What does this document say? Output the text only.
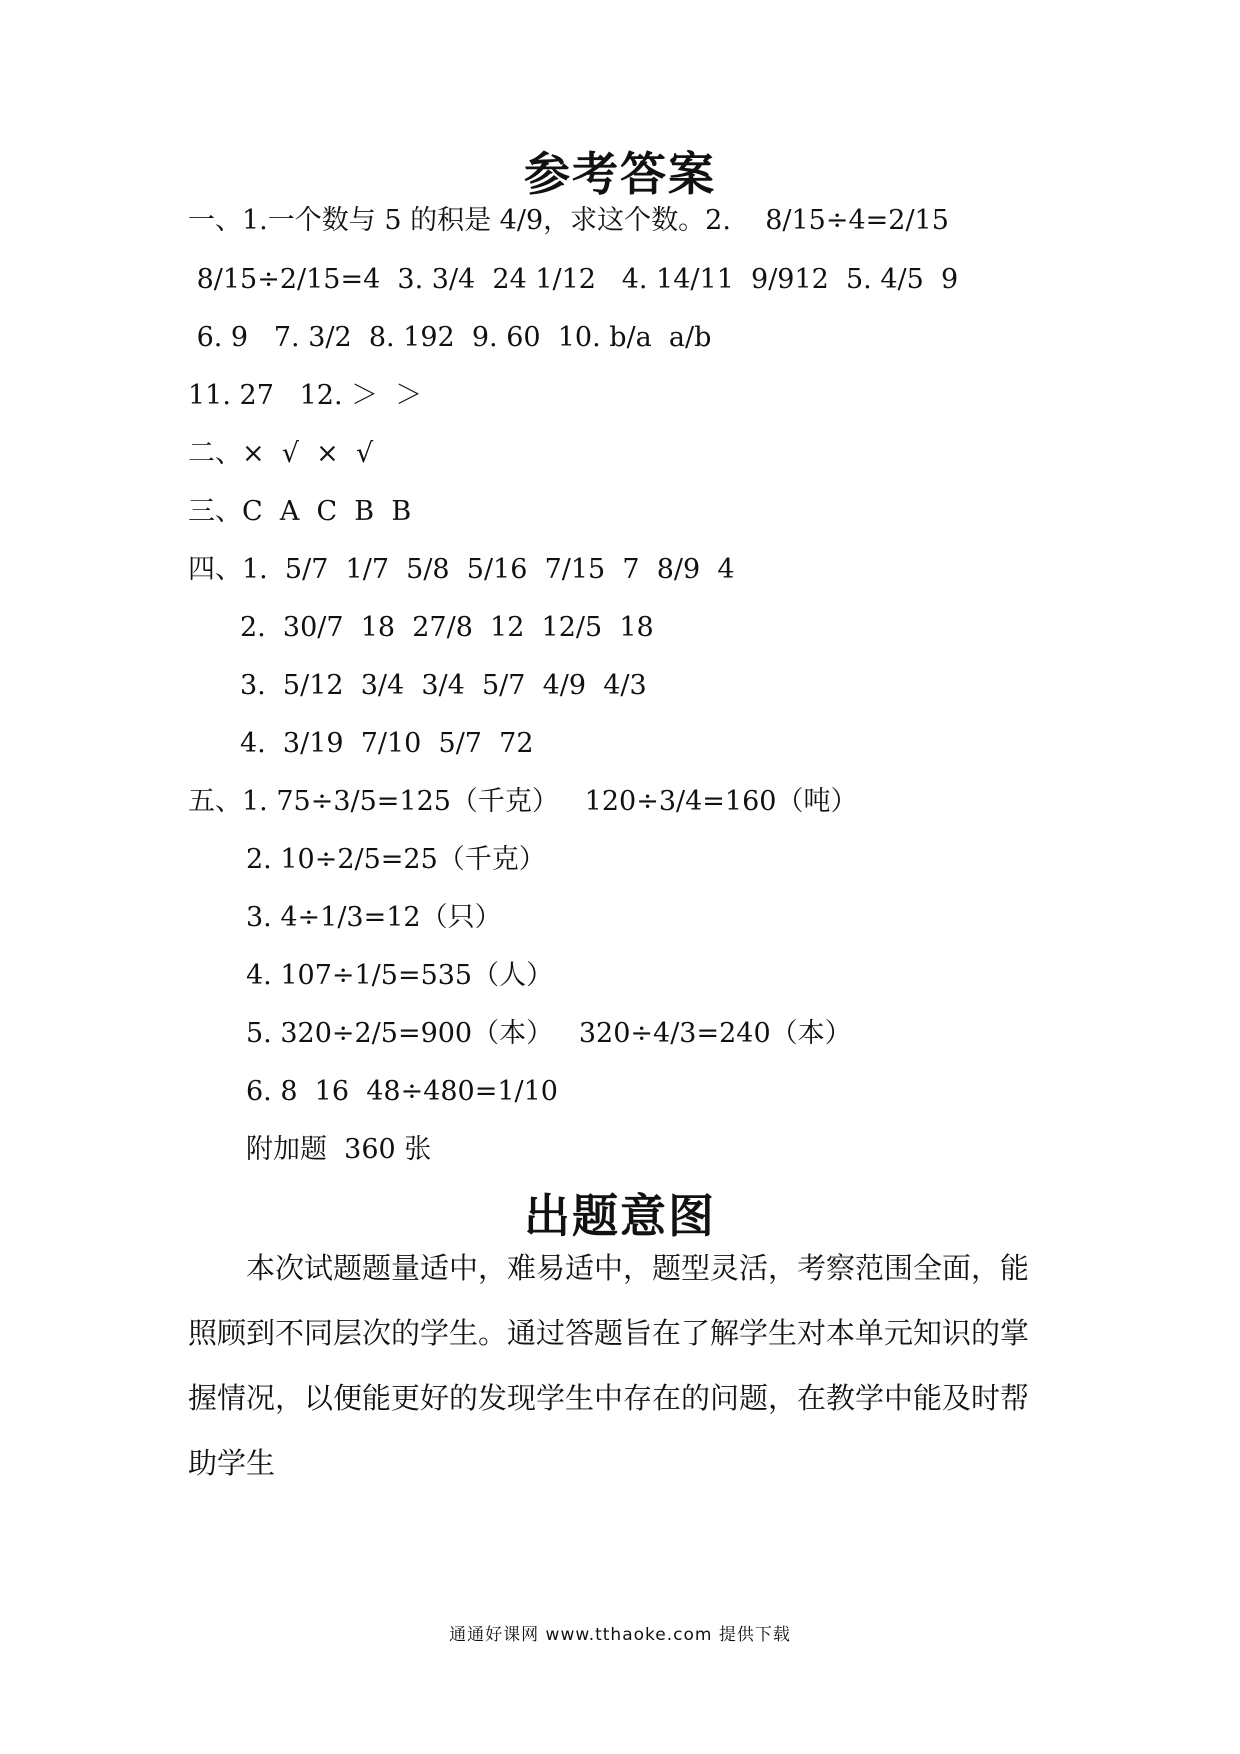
参考答案
一、1.一个数与 5 的积是 4/9，求这个数。2.    8/15÷4=2/15
8/15÷2/15=4  3. 3/4  24 1/12   4. 14/11  9/912  5. 4/5  9
6. 9   7. 3/2  8. 192  9. 60  10. b/a  a/b
11. 27   12. ＞  ＞
二、×  √  ×  √
三、C  A  C  B  B
四、1.  5/7  1/7  5/8  5/16  7/15  7  8/9  4
2.  30/7  18  27/8  12  12/5  18
3.  5/12  3/4  3/4  5/7  4/9  4/3
4.  3/19  7/10  5/7  72
五、1. 75÷3/5=125（千克）   120÷3/4=160（吨）
2. 10÷2/5=25（千克）
3. 4÷1/3=12（只）
4. 107÷1/5=535（人）
5. 320÷2/5=900（本）   320÷4/3=240（本）
6. 8  16  48÷480=1/10
附加题  360 张
出题意图
本次试题题量适中，难易适中，题型灵活，考察范围全面，能照顾到不同层次的学生。通过答题旨在了解学生对本单元知识的掌握情况，以便能更好的发现学生中存在的问题，在教学中能及时帮助学生
通通好课网 www.tthaoke.com 提供下载
